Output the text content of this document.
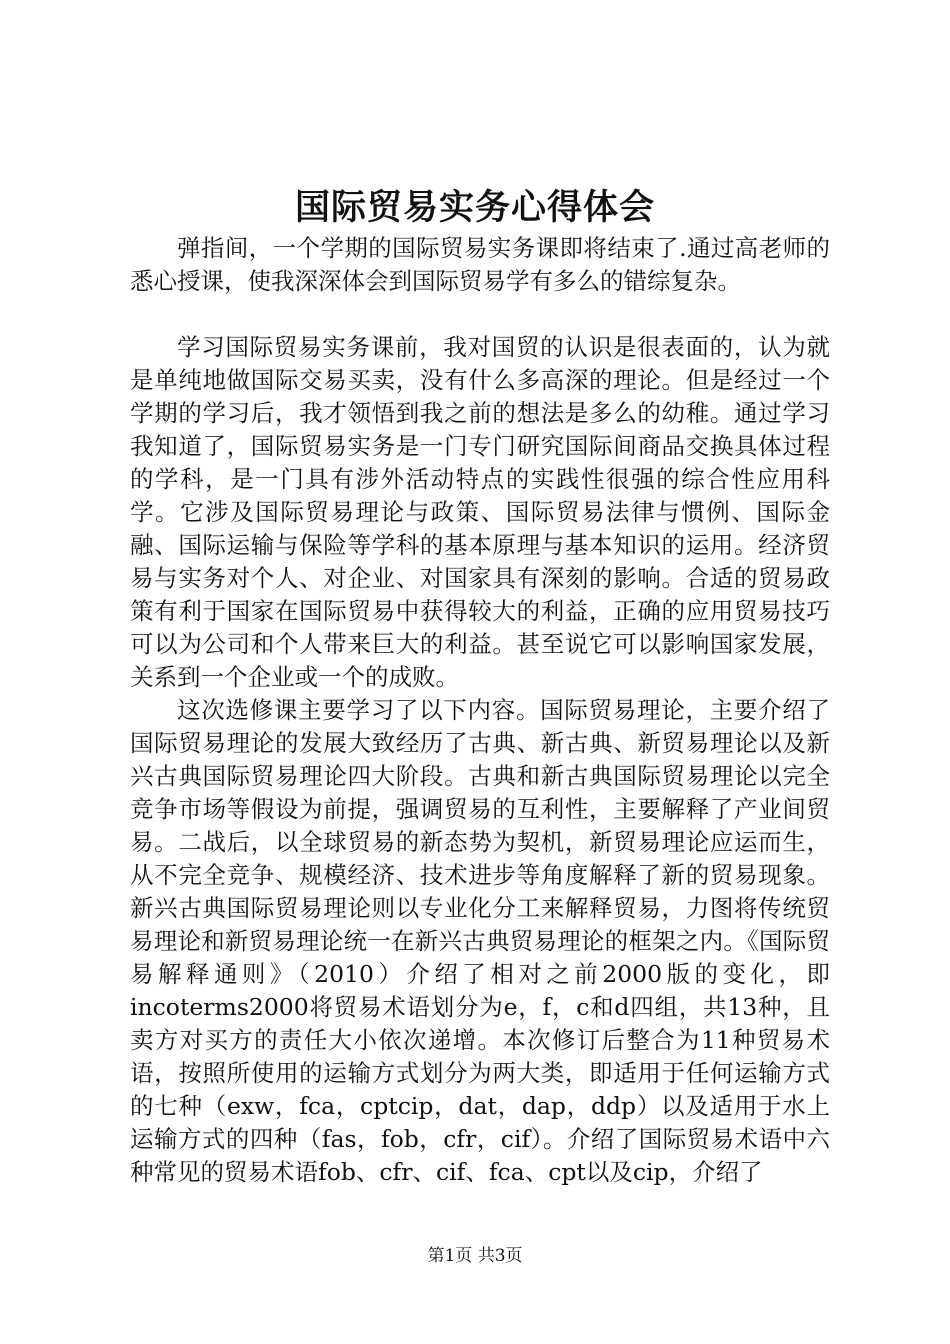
国际贸易实务心得体会

弹指间，一个学期的国际贸易实务课即将结束了.通过高老师的悉心授课，使我深深体会到国际贸易学有多么的错综复杂。

学习国际贸易实务课前，我对国贸的认识是很表面的，认为就是单纯地做国际交易买卖，没有什么多高深的理论。但是经过一个学期的学习后，我才领悟到我之前的想法是多么的幼稚。通过学习我知道了，国际贸易实务是一门专门研究国际间商品交换具体过程的学科，是一门具有涉外活动特点的实践性很强的综合性应用科学。它涉及国际贸易理论与政策、国际贸易法律与惯例、国际金融、国际运输与保险等学科的基本原理与基本知识的运用。经济贸易与实务对个人、对企业、对国家具有深刻的影响。合适的贸易政策有利于国家在国际贸易中获得较大的利益，正确的应用贸易技巧可以为公司和个人带来巨大的利益。甚至说它可以影响国家发展，关系到一个企业或一个的成败。

这次选修课主要学习了以下内容。国际贸易理论，主要介绍了国际贸易理论的发展大致经历了古典、新古典、新贸易理论以及新兴古典国际贸易理论四大阶段。古典和新古典国际贸易理论以完全竞争市场等假设为前提，强调贸易的互利性，主要解释了产业间贸易。二战后，以全球贸易的新态势为契机，新贸易理论应运而生，从不完全竞争、规模经济、技术进步等角度解释了新的贸易现象。新兴古典国际贸易理论则以专业化分工来解释贸易，力图将传统贸易理论和新贸易理论统一在新兴古典贸易理论的框架之内。《国际贸易解释通则》（2010）介绍了相对之前2000版的变化，即incoterms2000将贸易术语划分为e，f，c和d四组，共13种，且卖方对买方的责任大小依次递增。本次修订后整合为11种贸易术语，按照所使用的运输方式划分为两大类，即适用于任何运输方式的七种（exw，fca，cptcip，dat，dap，ddp）以及适用于水上运输方式的四种（fas，fob，cfr，cif）。介绍了国际贸易术语中六种常见的贸易术语fob、cfr、cif、fca、cpt以及cip，介绍了

第1页 共3页
